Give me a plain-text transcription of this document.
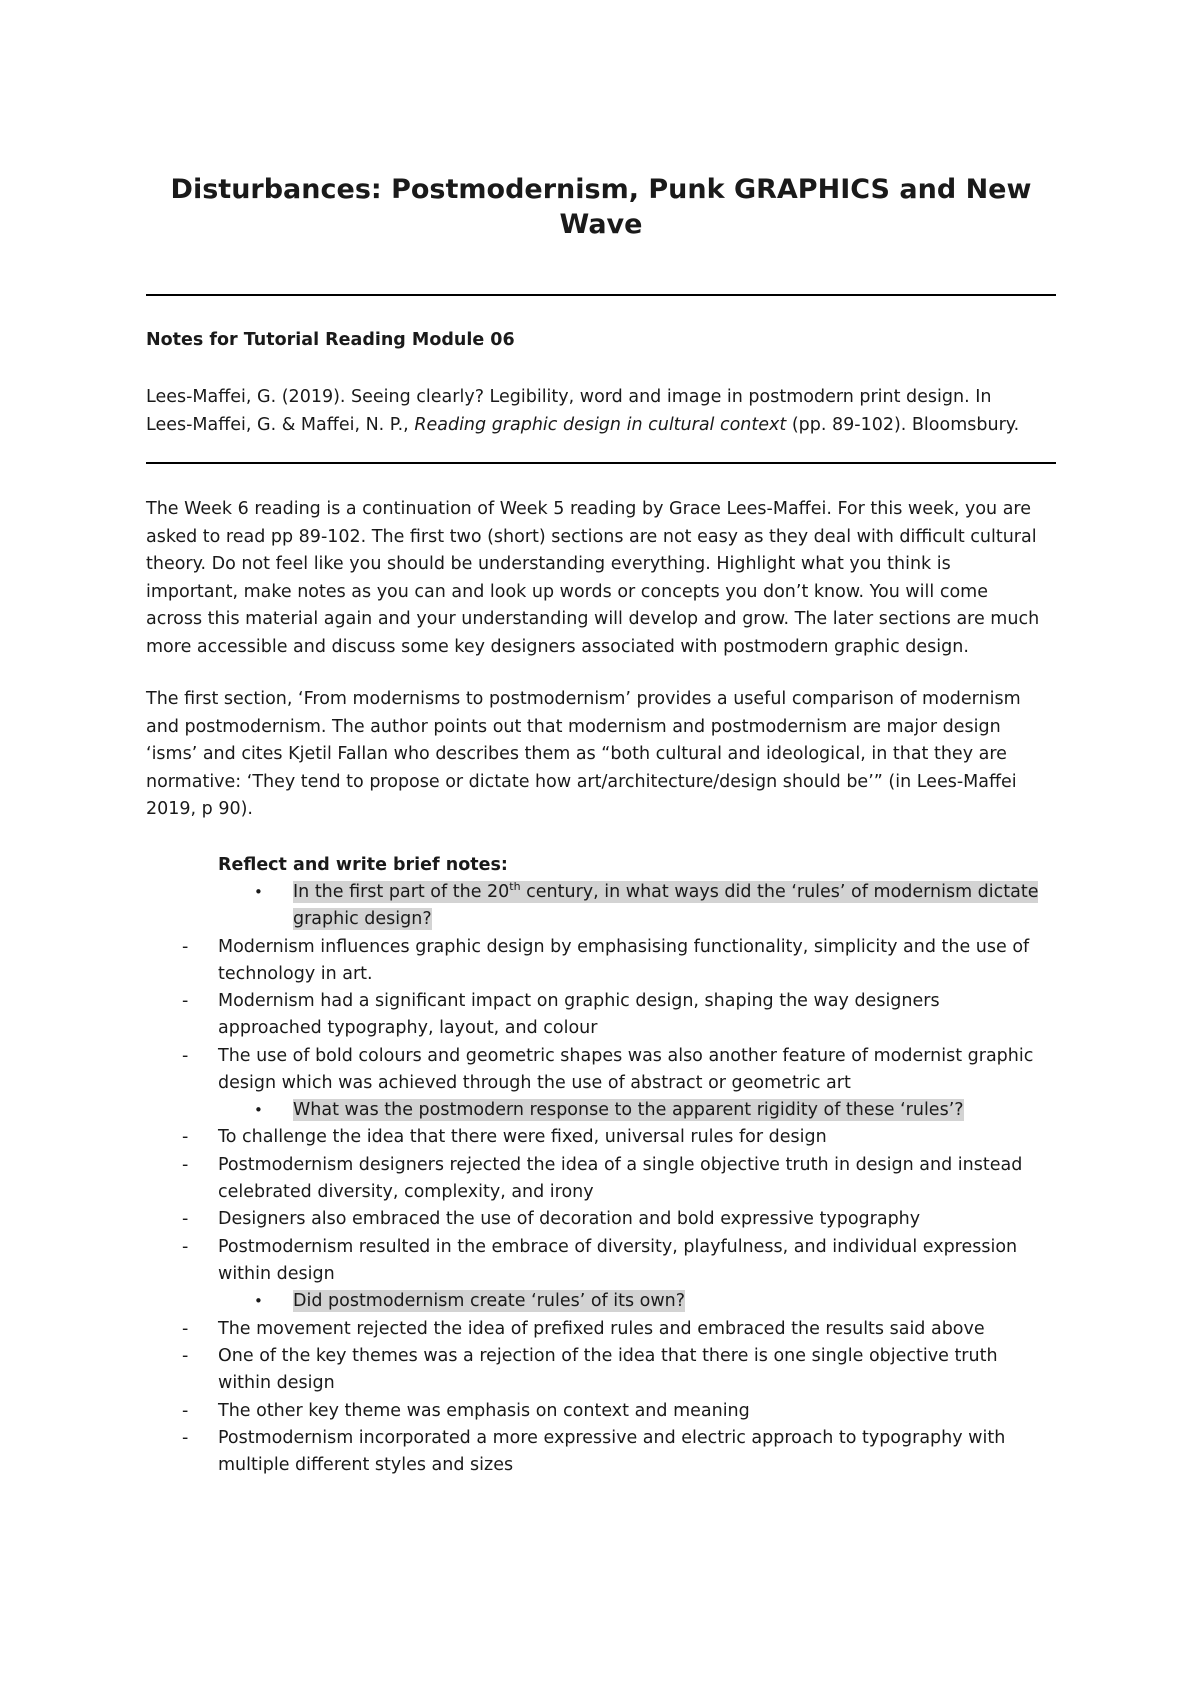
Disturbances: Postmodernism, Punk GRAPHICS and New
Wave
Notes for Tutorial Reading Module 06
Lees-Maffei, G. (2019). Seeing clearly? Legibility, word and image in postmodern print design. In
Lees-Maffei, G. & Maffei, N. P., Reading graphic design in cultural context (pp. 89-102). Bloomsbury.
The Week 6 reading is a continuation of Week 5 reading by Grace Lees-Maffei. For this week, you are
asked to read pp 89-102. The first two (short) sections are not easy as they deal with difficult cultural
theory. Do not feel like you should be understanding everything. Highlight what you think is
important, make notes as you can and look up words or concepts you don’t know. You will come
across this material again and your understanding will develop and grow. The later sections are much
more accessible and discuss some key designers associated with postmodern graphic design.
The first section, ‘From modernisms to postmodernism’ provides a useful comparison of modernism
and postmodernism. The author points out that modernism and postmodernism are major design
‘isms’ and cites Kjetil Fallan who describes them as “both cultural and ideological, in that they are
normative: ‘They tend to propose or dictate how art/architecture/design should be’” (in Lees-Maffei
2019, p 90).
Reflect and write brief notes:
• In the first part of the 20th century, in what ways did the ‘rules’ of modernism dictate
graphic design?
- Modernism influences graphic design by emphasising functionality, simplicity and the use of
technology in art.
- Modernism had a significant impact on graphic design, shaping the way designers
approached typography, layout, and colour
- The use of bold colours and geometric shapes was also another feature of modernist graphic
design which was achieved through the use of abstract or geometric art
• What was the postmodern response to the apparent rigidity of these ‘rules’?
- To challenge the idea that there were fixed, universal rules for design
- Postmodernism designers rejected the idea of a single objective truth in design and instead
celebrated diversity, complexity, and irony
- Designers also embraced the use of decoration and bold expressive typography
- Postmodernism resulted in the embrace of diversity, playfulness, and individual expression
within design
• Did postmodernism create ‘rules’ of its own?
- The movement rejected the idea of prefixed rules and embraced the results said above
- One of the key themes was a rejection of the idea that there is one single objective truth
within design
- The other key theme was emphasis on context and meaning
- Postmodernism incorporated a more expressive and electric approach to typography with
multiple different styles and sizes
